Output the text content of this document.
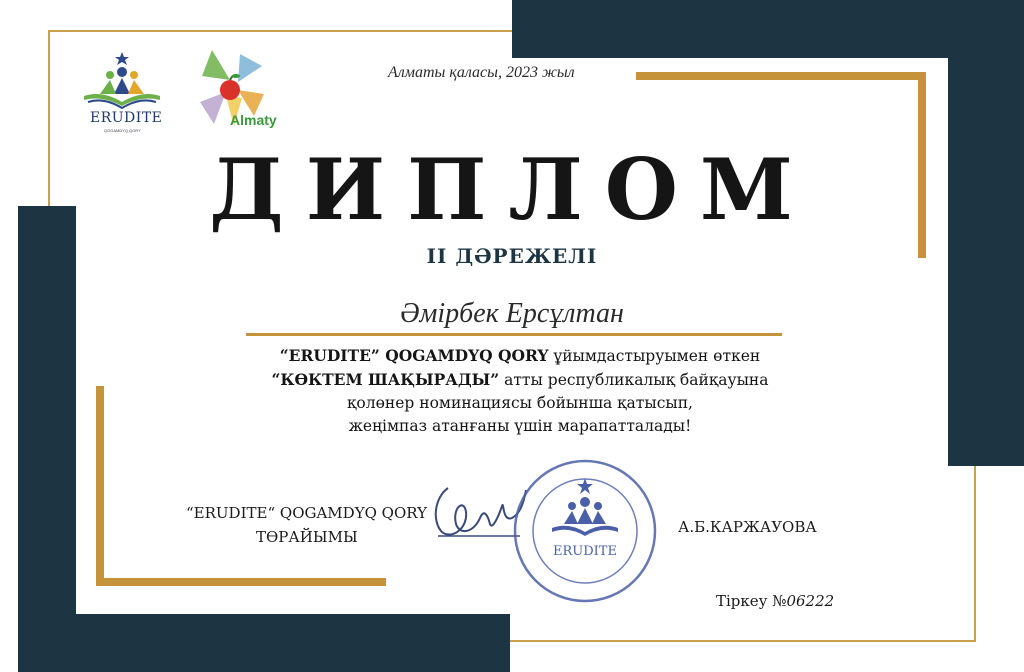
ERUDITE
QOGAMDYQ QORY
Almaty
Алматы қаласы, 2023 жыл
ДИПЛОМ
II ДӘРЕЖЕЛІ
Әмірбек Ерсұлтан
“ERUDITE” QOGAMDYQ QORY ұйымдастыруымен өткен
“КӨКТЕМ ШАҚЫРАДЫ” атты республикалық байқауына
қолөнер номинациясы бойынша қатысып,
жеңімпаз атанғаны үшін марапатталады!
“ERUDITE“ QOGAMDYQ QORY
ТӨРАЙЫМЫ
ERUDITE
А.Б.КАРЖАУОВА
Тіркеу №06222
